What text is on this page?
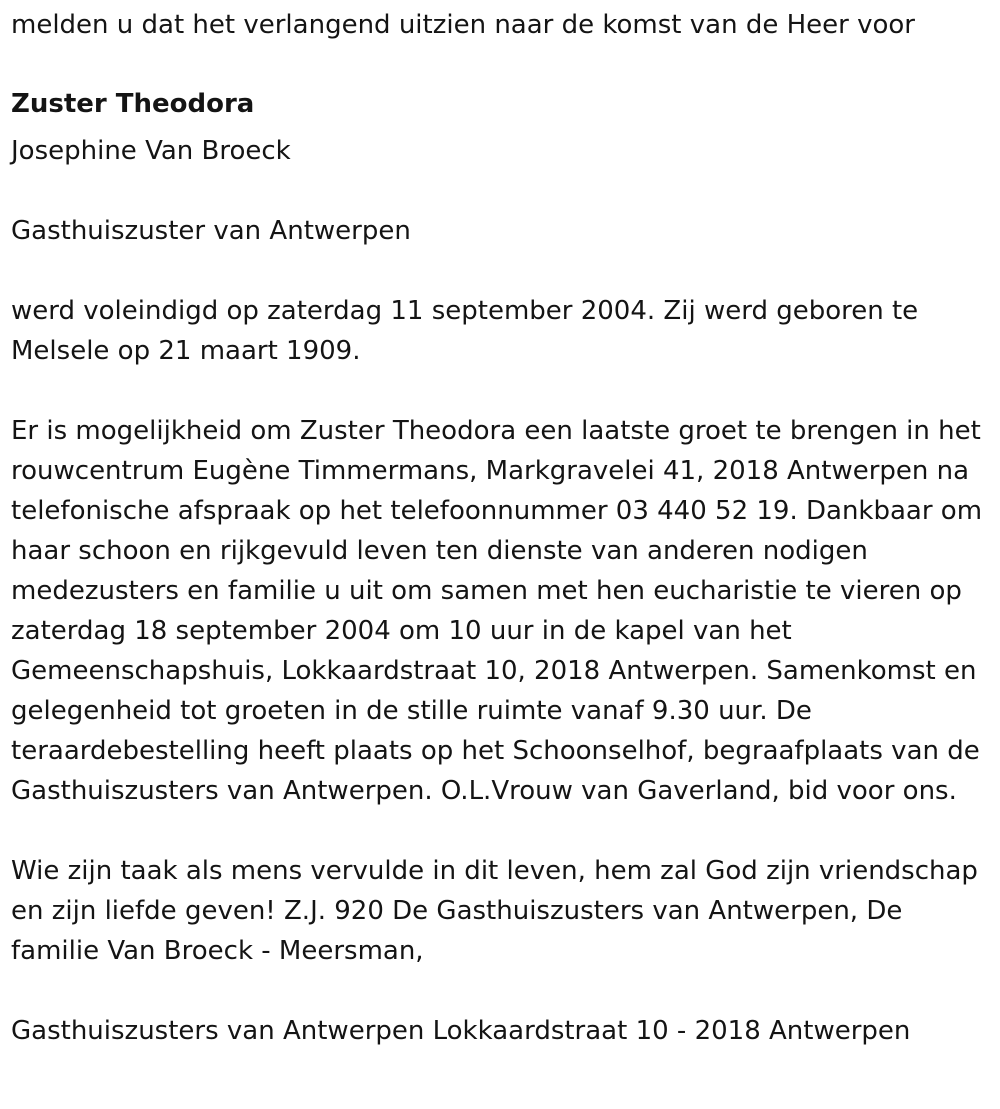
melden u dat het verlangend uitzien naar de komst van de Heer voor

Zuster Theodora

Josephine Van Broeck

Gasthuiszuster van Antwerpen

werd voleindigd op zaterdag 11 september 2004. Zij werd geboren te Melsele op 21 maart 1909.

Er is mogelijkheid om Zuster Theodora een laatste groet te brengen in het rouwcentrum Eugène Timmermans, Markgravelei 41, 2018 Antwerpen na telefonische afspraak op het telefoonnummer 03 440 52 19. Dankbaar om haar schoon en rijkgevuld leven ten dienste van anderen nodigen medezusters en familie u uit om samen met hen eucharistie te vieren op zaterdag 18 september 2004 om 10 uur in de kapel van het Gemeenschapshuis, Lokkaardstraat 10, 2018 Antwerpen. Samenkomst en gelegenheid tot groeten in de stille ruimte vanaf 9.30 uur. De teraardebestelling heeft plaats op het Schoonselhof, begraafplaats van de Gasthuiszusters van Antwerpen. O.L.Vrouw van Gaverland, bid voor ons.

Wie zijn taak als mens vervulde in dit leven, hem zal God zijn vriendschap en zijn liefde geven! Z.J. 920 De Gasthuiszusters van Antwerpen, De familie Van Broeck - Meersman,

Gasthuiszusters van Antwerpen Lokkaardstraat 10 - 2018 Antwerpen
